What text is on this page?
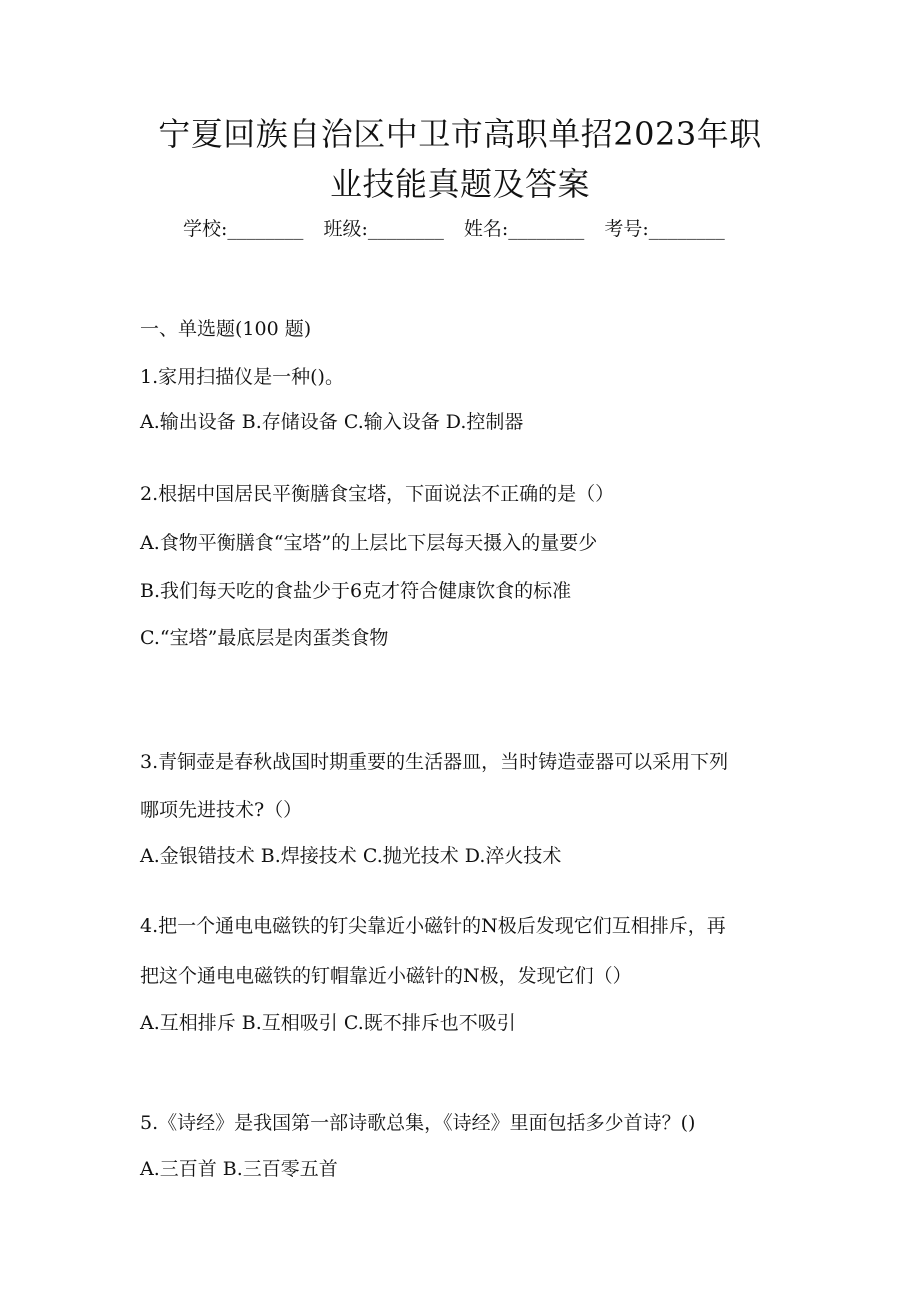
宁夏回族自治区中卫市高职单招2023年职
业技能真题及答案
学校:________ 班级:________ 姓名:________ 考号:________
一、单选题(100 题)
1.家用扫描仪是一种()。
A.输出设备 B.存储设备 C.输入设备 D.控制器
2.根据中国居民平衡膳食宝塔，下面说法不正确的是（）
A.食物平衡膳食“宝塔”的上层比下层每天摄入的量要少
B.我们每天吃的食盐少于6克才符合健康饮食的标准
C.“宝塔”最底层是肉蛋类食物
3.青铜壶是春秋战国时期重要的生活器皿，当时铸造壶器可以采用下列
哪项先进技术?（）
A.金银错技术 B.焊接技术 C.抛光技术 D.淬火技术
4.把一个通电电磁铁的钉尖靠近小磁针的N极后发现它们互相排斥，再
把这个通电电磁铁的钉帽靠近小磁针的N极，发现它们（）
A.互相排斥 B.互相吸引 C.既不排斥也不吸引
5.《诗经》是我国第一部诗歌总集，《诗经》里面包括多少首诗？()
A.三百首 B.三百零五首
